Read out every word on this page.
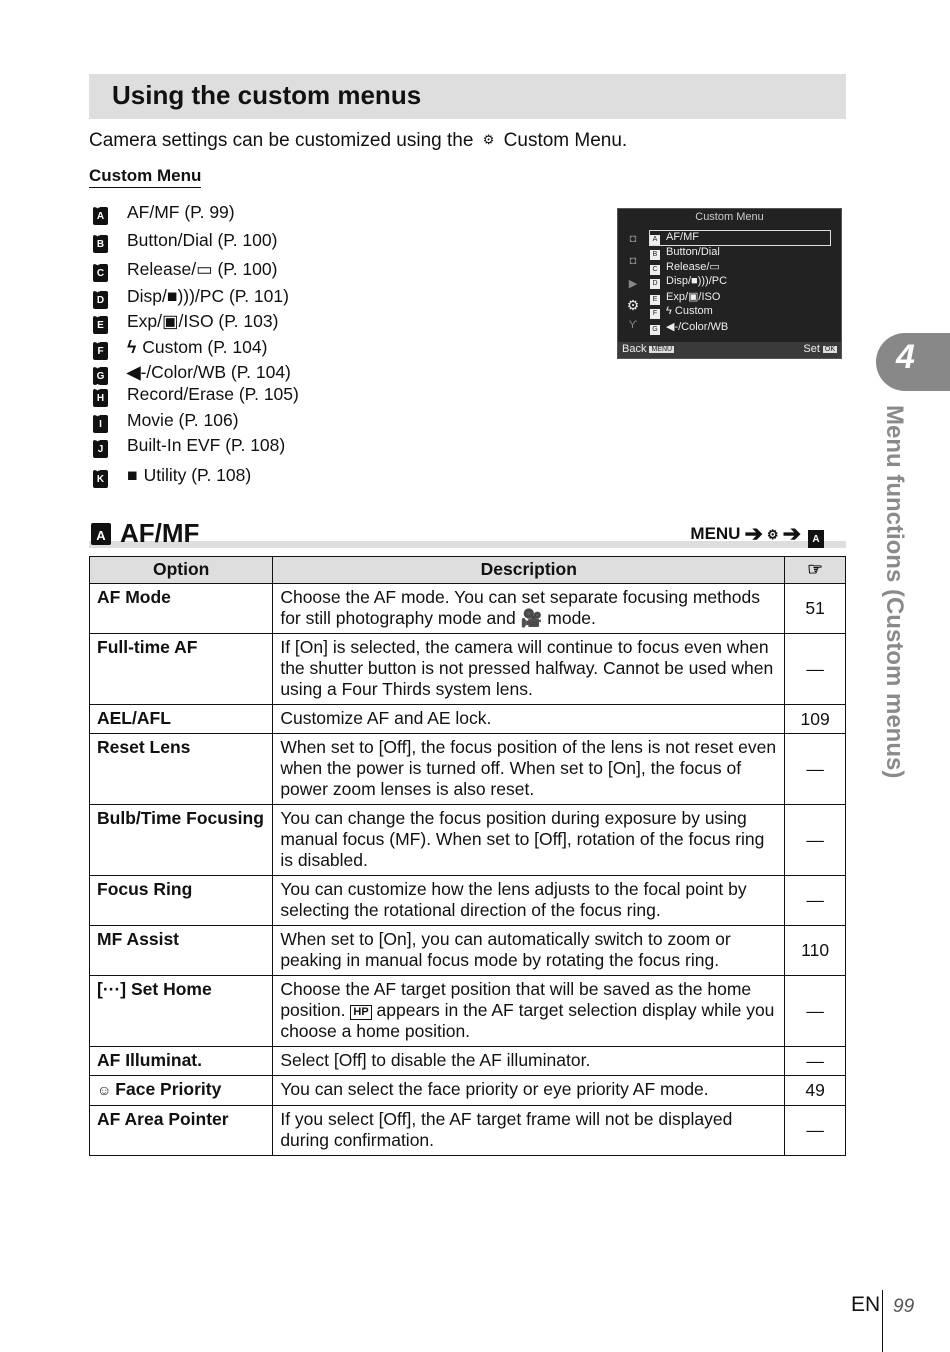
Using the custom menus
Camera settings can be customized using the ⚙ Custom Menu.
Custom Menu
⚙ A AF/MF (P. 99)
⚙ B Button/Dial (P. 100)
⚙ C Release/▭ (P. 100)
⚙ D Disp/■)))/PC (P. 101)
⚙ E Exp/▣/ISO (P. 103)
⚙ F ϟ Custom (P. 104)
⚙ G ◀-/Color/WB (P. 104)
⚙ H Record/Erase (P. 105)
⚙ I	Movie (P. 106)
⚙ J Built-In EVF (P. 108)
⚙ K ■ Utility (P. 108)
Custom Menu
◘
◘
▶
⚙
ϒ
A AF/MF
B Button/Dial
C Release/▭
D Disp/■)))/PC
E Exp/▣/ISO
F ϟ Custom
G ◀-/Color/WB
Back MENU	Set OK
A AF/MF	MENU ➔ ⚙ ➔ A
Option	Description	☞
AF Mode	Choose the AF mode. You can set separate focusing methods for still photography mode and 🎥 mode.	51
Full-time AF	If [On] is selected, the camera will continue to focus even when the shutter button is not pressed halfway. Cannot be used when using a Four Thirds system lens.	—
AEL/AFL	Customize AF and AE lock.	109
Reset Lens	When set to [Off], the focus position of the lens is not reset even when the power is turned off. When set to [On], the focus of power zoom lenses is also reset.	—
Bulb/Time Focusing	You can change the focus position during exposure by using manual focus (MF). When set to [Off], rotation of the focus ring is disabled.	—
Focus Ring	You can customize how the lens adjusts to the focal point by selecting the rotational direction of the focus ring.	—
MF Assist	When set to [On], you can automatically switch to zoom or peaking in manual focus mode by rotating the focus ring.	110
[···] Set Home	Choose the AF target position that will be saved as the home position. HP appears in the AF target selection display while you choose a home position.	—
AF Illuminat.	Select [Off] to disable the AF illuminator.	—
☺ Face Priority	You can select the face priority or eye priority AF mode.	49
AF Area Pointer	If you select [Off], the AF target frame will not be displayed during confirmation.	—
4
Menu functions (Custom menus)
EN 99
